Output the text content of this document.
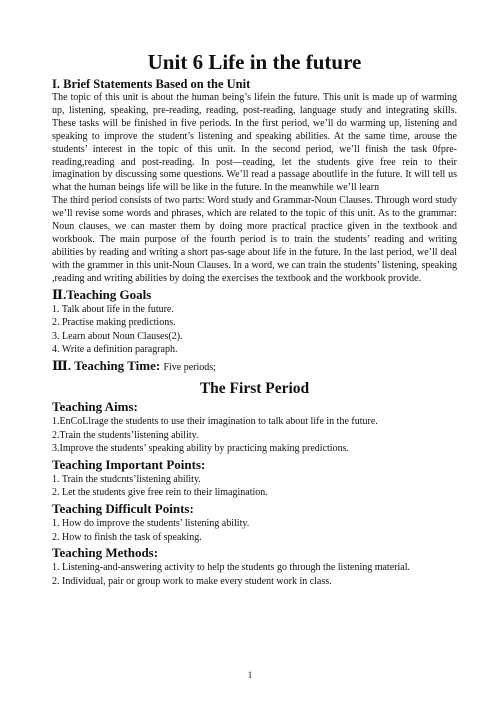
Unit 6 Life in the future
I. Brief Statements Based on the Unit

The topic of this unit is about the human being’s lifein the future. This unit is made up of warming up, listening, speaking, pre-reading, reading, post-reading, language study and integrating skills. These tasks will be finished in five periods. In the first period, we’ll do warming up, listening and speaking to improve the student’s listening and speaking abilities. At the same time, arouse the students’ interest in the topic of this unit. In the second period, we’ll finish the task 0fpre-reading,reading and post-reading. In post—reading, let the students give free rein to their imagination by discussing some questions. We’ll read a passage aboutlife in the future. It will tell us what the human beings life will be like in the future. In the meanwhile we’ll learn

The third period consists of two parts: Word study and Grammar-Noun Clauses. Through word study we’ll revise some words and phrases, which are related to the topic of this unit. As to the grammar: Noun clauses, we can master them by doing more practical practice given in the textbook and workbook. The main purpose of the fourth period is to train the students’ reading and writing abilities by reading and writing a short pas-sage about life in the future. In the last period, we’ll deal with the grammer in this unit-Noun Clauses. In a word, we can train the students’ listening, speaking ,reading and writing abilities by doing the exercises the textbook and the workbook provide.

Ⅱ.Teaching Goals
1. Talk about life in the future.
2. Practise making predictions.
3. Learn about Noun Clauses(2).
4. Write a definition paragraph.
Ⅲ. Teaching Time: Five periods;
The First Period
Teaching Aims:
1.EnCoLlrage the students to use their imagination to talk about life in the future.
2.Train the students’listening ability.
3.Improve the students’ speaking ability by practicing making predictions.
Teaching Important Points:
1. Train the studcnts’listening ability.
2. Let the students give free rein to their limagination.
Teaching Difficult Points:
1. How do improve the students’ listening ability.
2. How to finish the task of speaking.
Teaching Methods:
1. Listening-and-answering activity to help the students go through the listening material.
2. Individual, pair or group work to make every student work in class.
1
